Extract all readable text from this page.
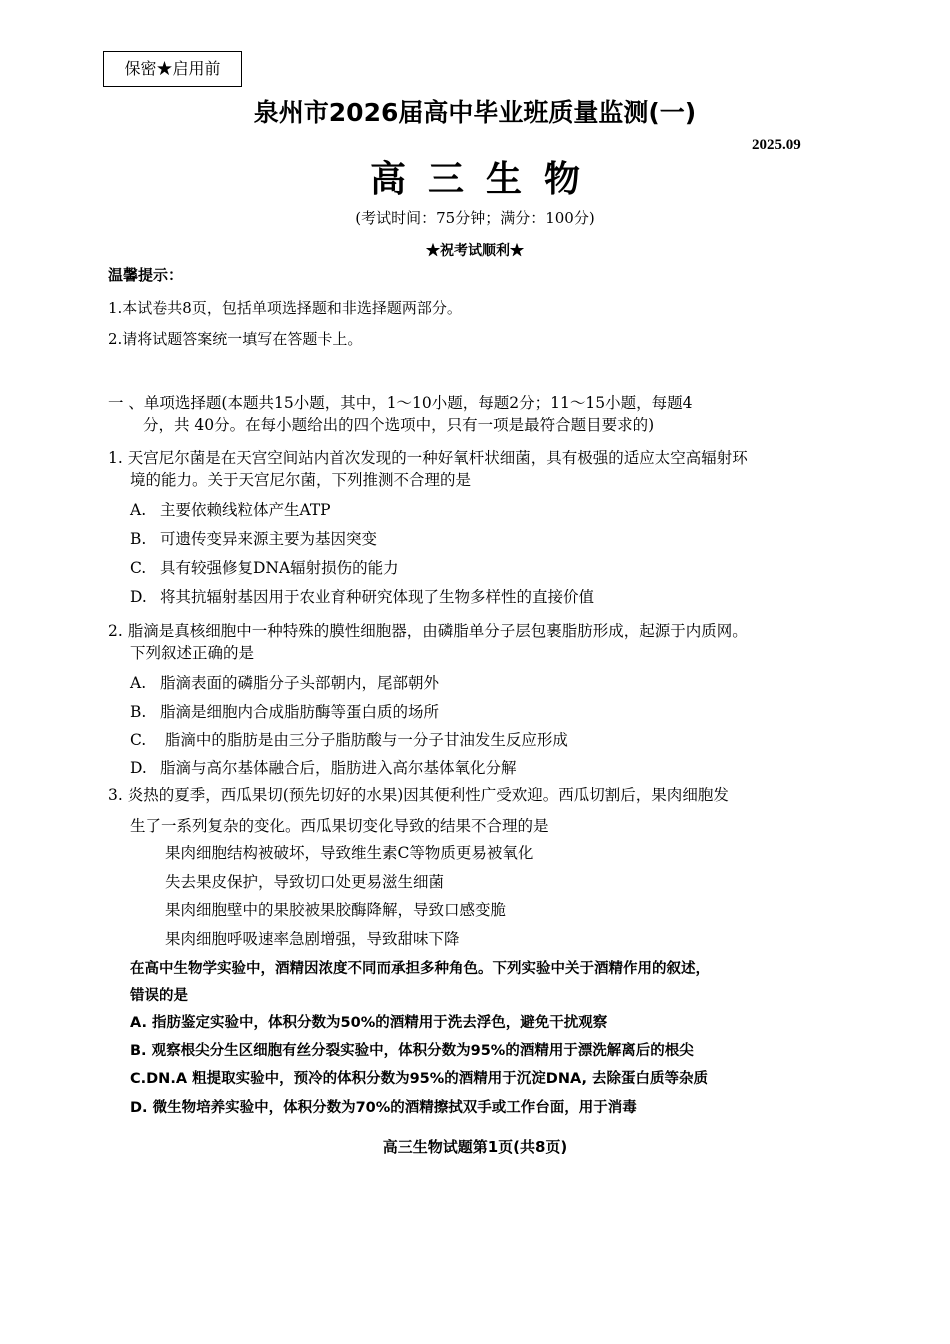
保密★启用前
泉州市2026届高中毕业班质量监测(一)
2025.09
高三生物
(考试时间：75分钟；满分：100分)
★祝考试顺利★
温馨提示：
1.本试卷共8页，包括单项选择题和非选择题两部分。
2.请将试题答案统一填写在答题卡上。
一 、单项选择题(本题共15小题，其中，1～10小题，每题2分；11～15小题，每题4
分，共 40分。在每小题给出的四个选项中，只有一项是最符合题目要求的)
1. 天宫尼尔菌是在天宫空间站内首次发现的一种好氧杆状细菌，具有极强的适应太空高辐射环
境的能力。关于天宫尼尔菌，下列推测不合理的是
A. 主要依赖线粒体产生ATP
B. 可遗传变异来源主要为基因突变
C. 具有较强修复DNA辐射损伤的能力
D. 将其抗辐射基因用于农业育种研究体现了生物多样性的直接价值
2. 脂滴是真核细胞中一种特殊的膜性细胞器，由磷脂单分子层包裹脂肪形成，起源于内质网。
下列叙述正确的是
A. 脂滴表面的磷脂分子头部朝内，尾部朝外
B. 脂滴是细胞内合成脂肪酶等蛋白质的场所
C. 脂滴中的脂肪是由三分子脂肪酸与一分子甘油发生反应形成
D. 脂滴与高尔基体融合后，脂肪进入高尔基体氧化分解
3. 炎热的夏季，西瓜果切(预先切好的水果)因其便利性广受欢迎。西瓜切割后，果肉细胞发
生了一系列复杂的变化。西瓜果切变化导致的结果不合理的是
果肉细胞结构被破坏，导致维生素C等物质更易被氧化
失去果皮保护，导致切口处更易滋生细菌
果肉细胞壁中的果胶被果胶酶降解，导致口感变脆
果肉细胞呼吸速率急剧增强，导致甜味下降
在高中生物学实验中，酒精因浓度不同而承担多种角色。下列实验中关于酒精作用的叙述，
错误的是
A. 指肪鉴定实验中，体积分数为50%的酒精用于洗去浮色，避免干扰观察
B. 观察根尖分生区细胞有丝分裂实验中，体积分数为95%的酒精用于漂洗解离后的根尖
C.DN.A 粗提取实验中，预冷的体积分数为95%的酒精用于沉淀DNA, 去除蛋白质等杂质
D. 微生物培养实验中，体积分数为70%的酒精擦拭双手或工作台面，用于消毒
高三生物试题第1页(共8页)
